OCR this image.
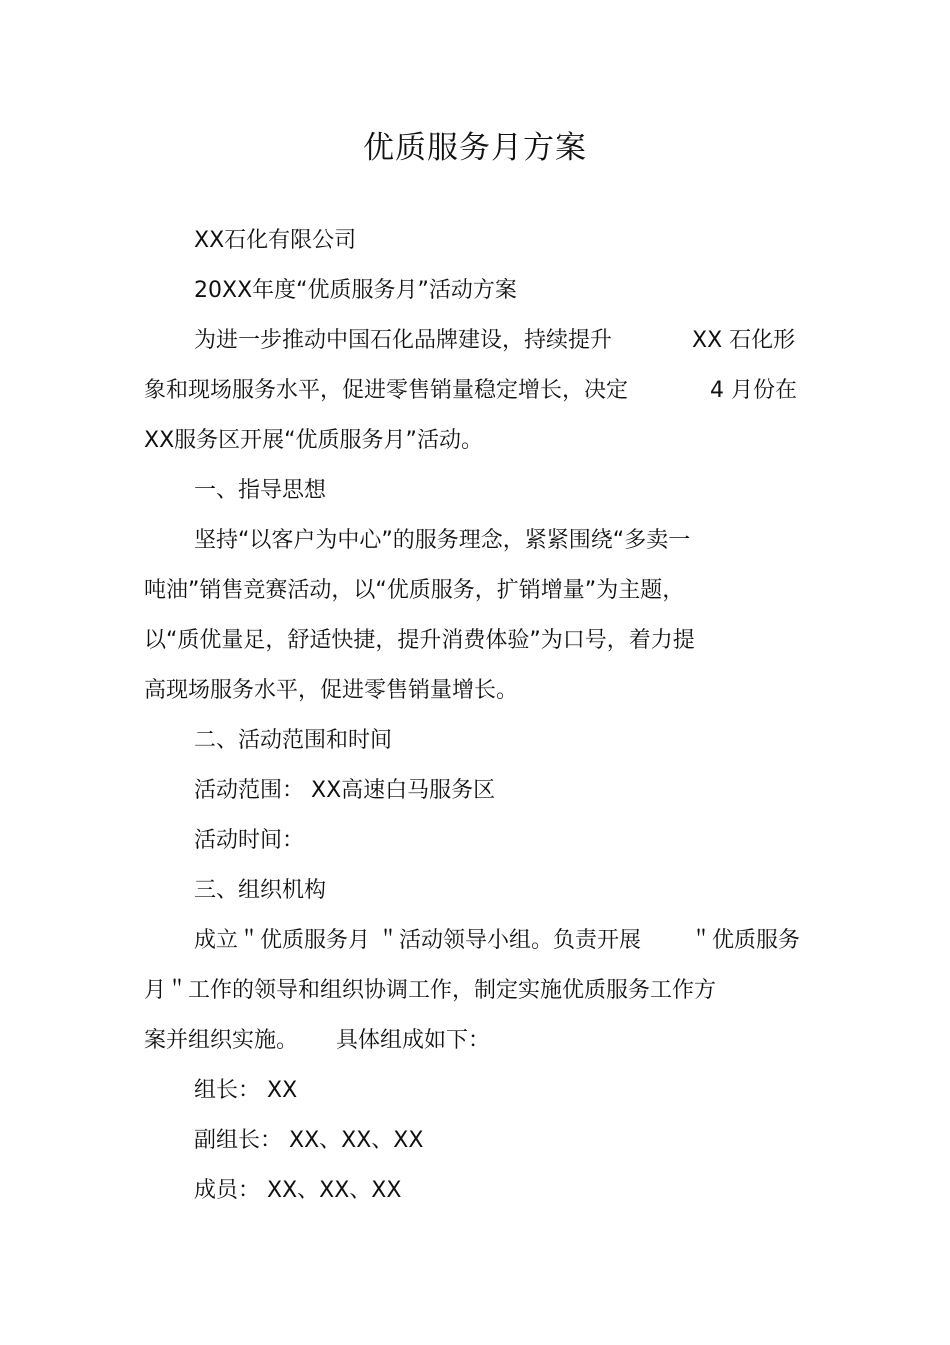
优质服务月方案
XX石化有限公司
20XX年度“优质服务月”活动方案
为进一步推动中国石化品牌建设，持续提升	XX 石化形
象和现场服务水平，促进零售销量稳定增长，决定	4 月份在
XX服务区开展“优质服务月”活动。
一、指导思想
坚持“以客户为中心”的服务理念，紧紧围绕“多卖一
吨油”销售竞赛活动，以“优质服务，扩销增量”为主题，
以“质优量足，舒适快捷，提升消费体验”为口号，着力提
高现场服务水平，促进零售销量增长。
二、活动范围和时间
活动范围： XX高速白马服务区
活动时间：
三、组织机构
成立＂优质服务月 ＂活动领导小组。负责开展 ＂优质服务
月＂工作的领导和组织协调工作，制定实施优质服务工作方
案并组织实施。 具体组成如下：
组长： XX
副组长： XX、XX、XX
成员： XX、XX、XX
